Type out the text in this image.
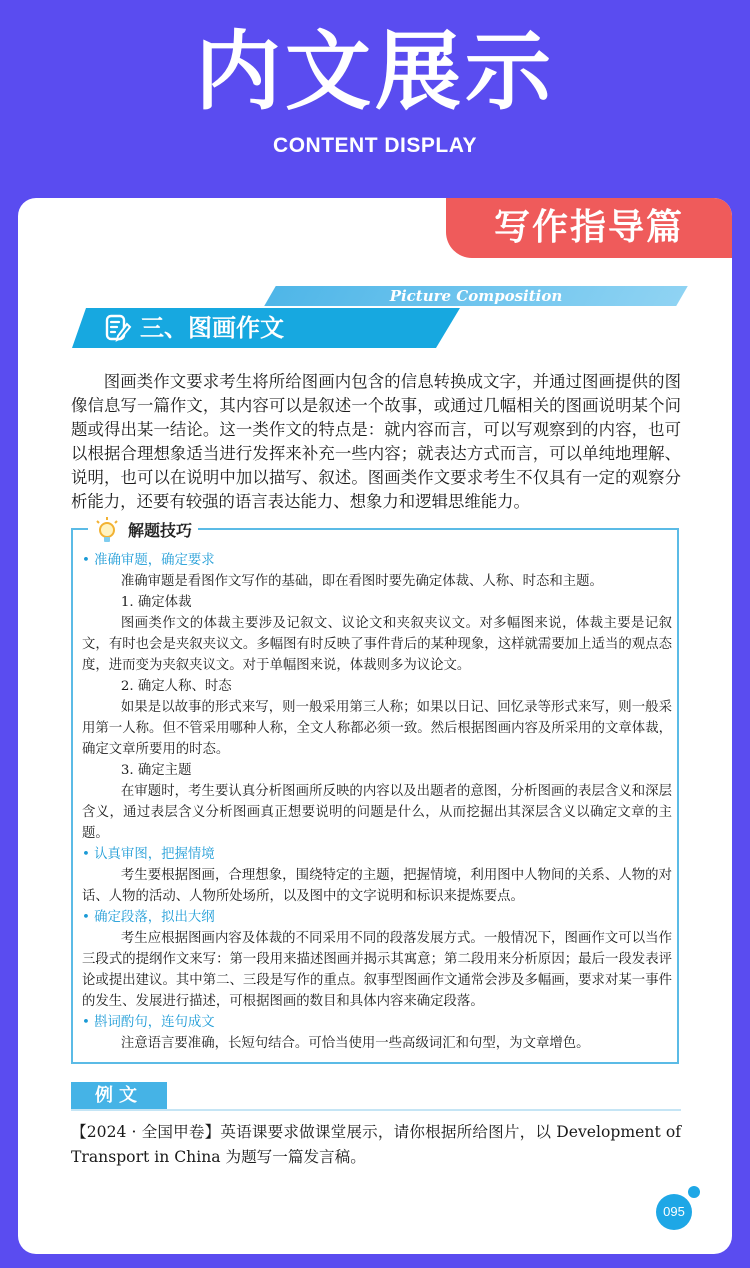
内文展示
CONTENT DISPLAY
写作指导篇
Picture Composition
三、图画作文

图画类作文要求考生将所给图画内包含的信息转换成文字，并通过图画提供的图像信息写一篇作文，其内容可以是叙述一个故事，或通过几幅相关的图画说明某个问题或得出某一结论。这一类作文的特点是：就内容而言，可以写观察到的内容，也可以根据合理想象适当进行发挥来补充一些内容；就表达方式而言，可以单纯地理解、说明，也可以在说明中加以描写、叙述。图画类作文要求考生不仅具有一定的观察分析能力，还要有较强的语言表达能力、想象力和逻辑思维能力。

解题技巧

• 准确审题，确定要求

准确审题是看图作文写作的基础，即在看图时要先确定体裁、人称、时态和主题。

1. 确定体裁

图画类作文的体裁主要涉及记叙文、议论文和夹叙夹议文。对多幅图来说，体裁主要是记叙文，有时也会是夹叙夹议文。多幅图有时反映了事件背后的某种现象，这样就需要加上适当的观点态度，进而变为夹叙夹议文。对于单幅图来说，体裁则多为议论文。

2. 确定人称、时态

如果是以故事的形式来写，则一般采用第三人称；如果以日记、回忆录等形式来写，则一般采用第一人称。但不管采用哪种人称，全文人称都必须一致。然后根据图画内容及所采用的文章体裁，确定文章所要用的时态。

3. 确定主题

在审题时，考生要认真分析图画所反映的内容以及出题者的意图，分析图画的表层含义和深层含义，通过表层含义分析图画真正想要说明的问题是什么，从而挖掘出其深层含义以确定文章的主题。

• 认真审图，把握情境

考生要根据图画，合理想象，围绕特定的主题，把握情境，利用图中人物间的关系、人物的对话、人物的活动、人物所处场所，以及图中的文字说明和标识来提炼要点。

• 确定段落，拟出大纲

考生应根据图画内容及体裁的不同采用不同的段落发展方式。一般情况下，图画作文可以当作三段式的提纲作文来写：第一段用来描述图画并揭示其寓意；第二段用来分析原因；最后一段发表评论或提出建议。其中第二、三段是写作的重点。叙事型图画作文通常会涉及多幅画，要求对某一事件的发生、发展进行描述，可根据图画的数目和具体内容来确定段落。

• 斟词酌句，连句成文

注意语言要准确，长短句结合。可恰当使用一些高级词汇和句型，为文章增色。

例文

【2024 · 全国甲卷】英语课要求做课堂展示，请你根据所给图片，以 Development of Transport in China 为题写一篇发言稿。

095
